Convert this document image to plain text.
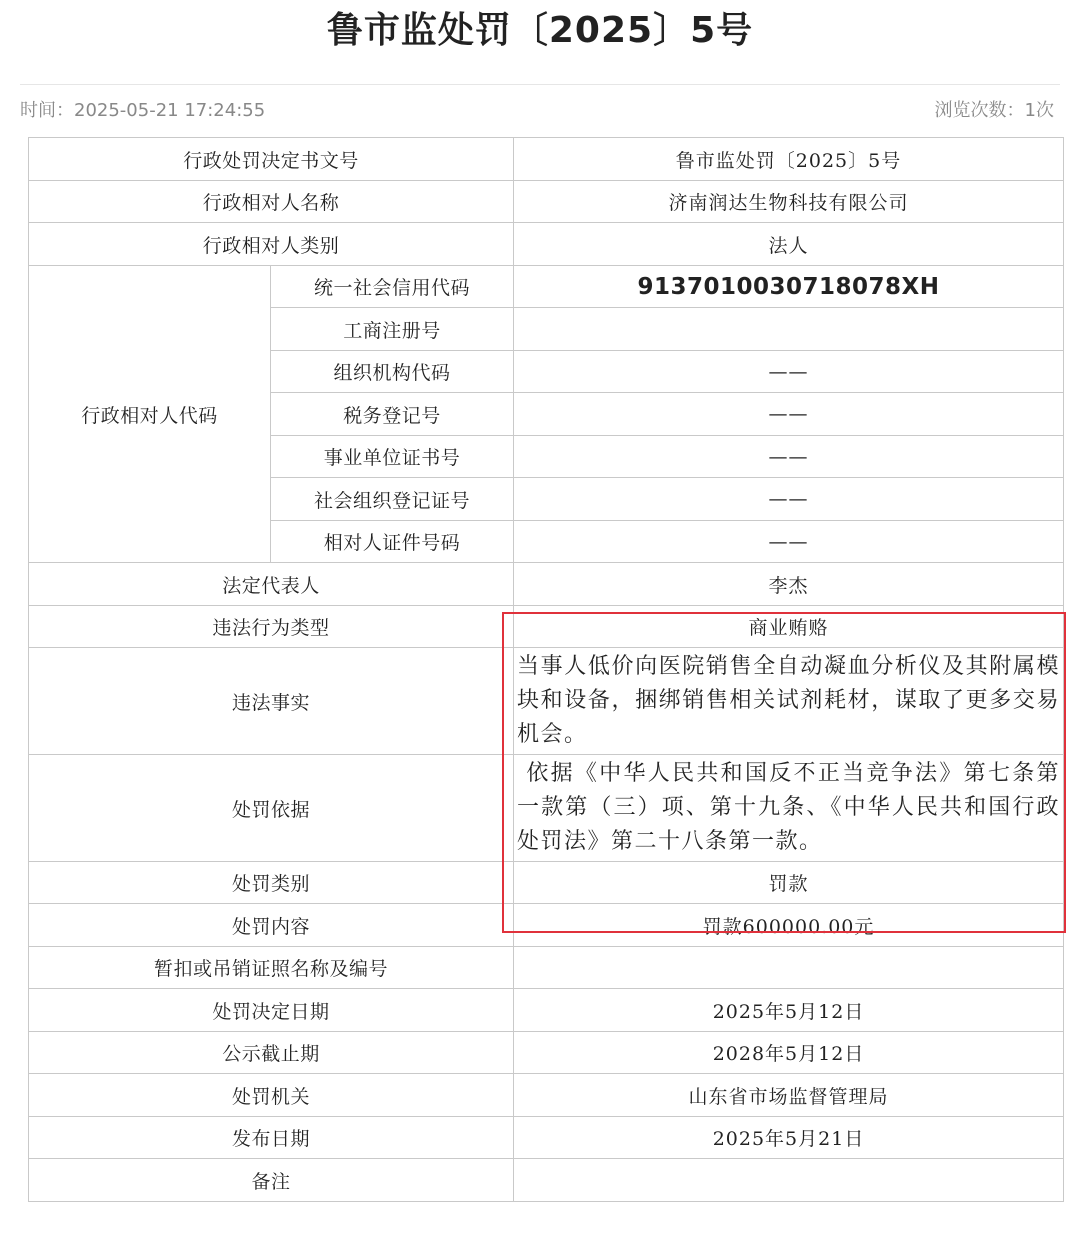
鲁市监处罚〔2025〕5号
时间：2025-05-21 17:24:55	浏览次数：1次
行政处罚决定书文号		鲁市监处罚〔2025〕5号
行政相对人名称		济南润达生物科技有限公司
行政相对人类别		法人
行政相对人代码	统一社会信用代码	9137010030718078XH
	工商注册号	
	组织机构代码	——
	税务登记号	——
	事业单位证书号	——
	社会组织登记证号	——
	相对人证件号码	——
法定代表人		李杰
违法行为类型		商业贿赂
违法事实		当事人低价向医院销售全自动凝血分析仪及其附属模块和设备，捆绑销售相关试剂耗材，谋取了更多交易机会。
处罚依据		依据《中华人民共和国反不正当竞争法》第七条第一款第（三）项、第十九条、《中华人民共和国行政处罚法》第二十八条第一款。
处罚类别		罚款
处罚内容		罚款600000.00元
暂扣或吊销证照名称及编号		
处罚决定日期		2025年5月12日
公示截止期		2028年5月12日
处罚机关		山东省市场监督管理局
发布日期		2025年5月21日
备注		
